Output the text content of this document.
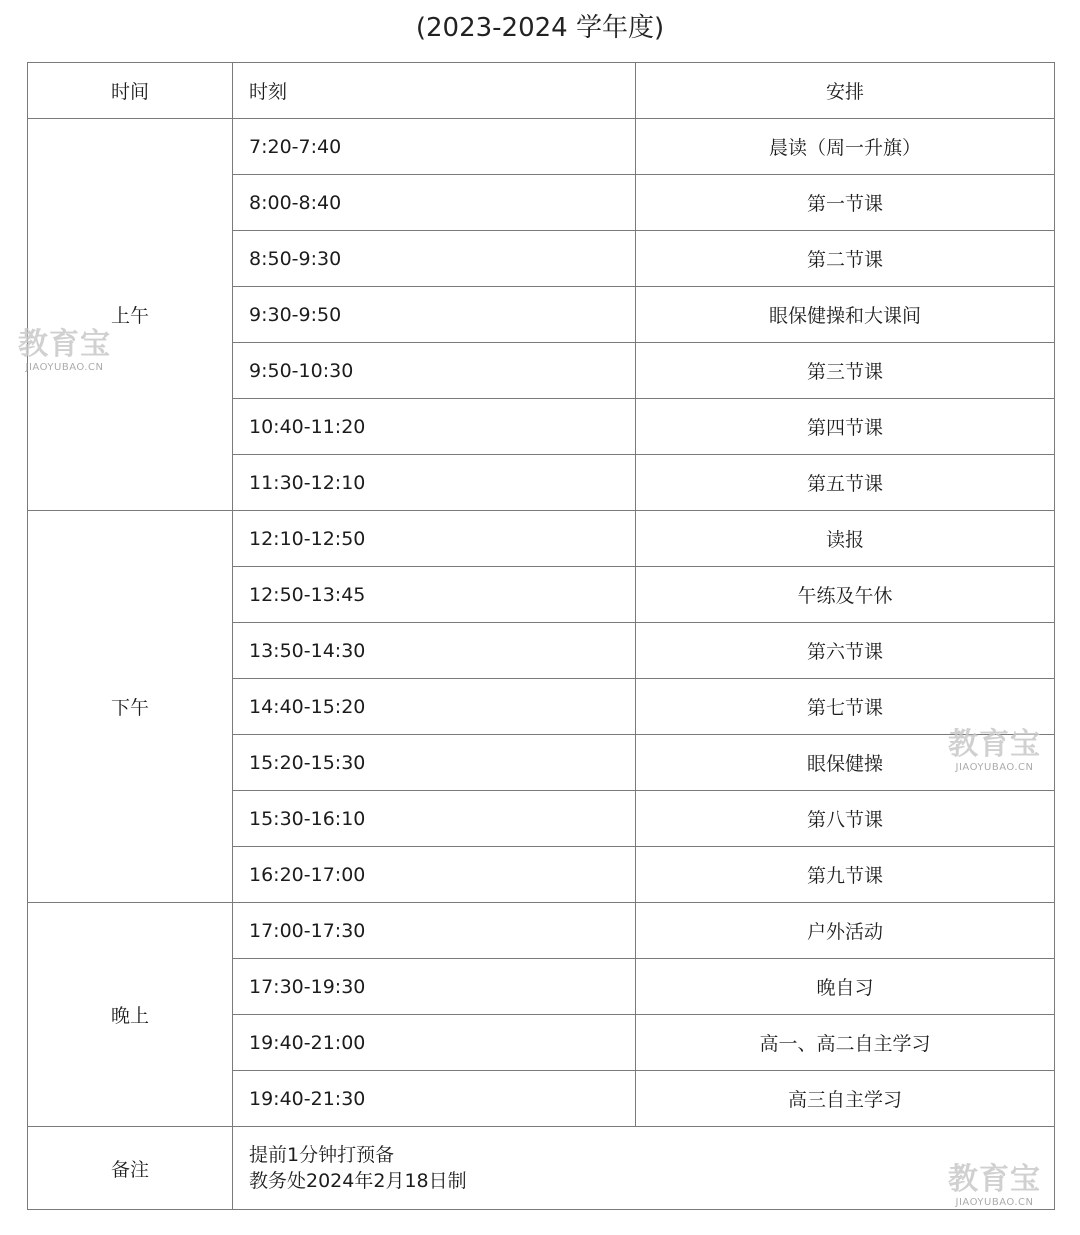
(2023-2024 学年度)
时间	时刻	安排
上午	7:20-7:40	晨读（周一升旗）
	8:00-8:40	第一节课
	8:50-9:30	第二节课
	9:30-9:50	眼保健操和大课间
	9:50-10:30	第三节课
	10:40-11:20	第四节课
	11:30-12:10	第五节课
下午	12:10-12:50	读报
	12:50-13:45	午练及午休
	13:50-14:30	第六节课
	14:40-15:20	第七节课
	15:20-15:30	眼保健操
	15:30-16:10	第八节课
	16:20-17:00	第九节课
晚上	17:00-17:30	户外活动
	17:30-19:30	晚自习
	19:40-21:00	高一、高二自主学习
	19:40-21:30	高三自主学习
备注	提前1分钟打预备
教务处2024年2月18日制	
教育宝
JIAOYUBAO.CN
教育宝
JIAOYUBAO.CN
教育宝
JIAOYUBAO.CN
